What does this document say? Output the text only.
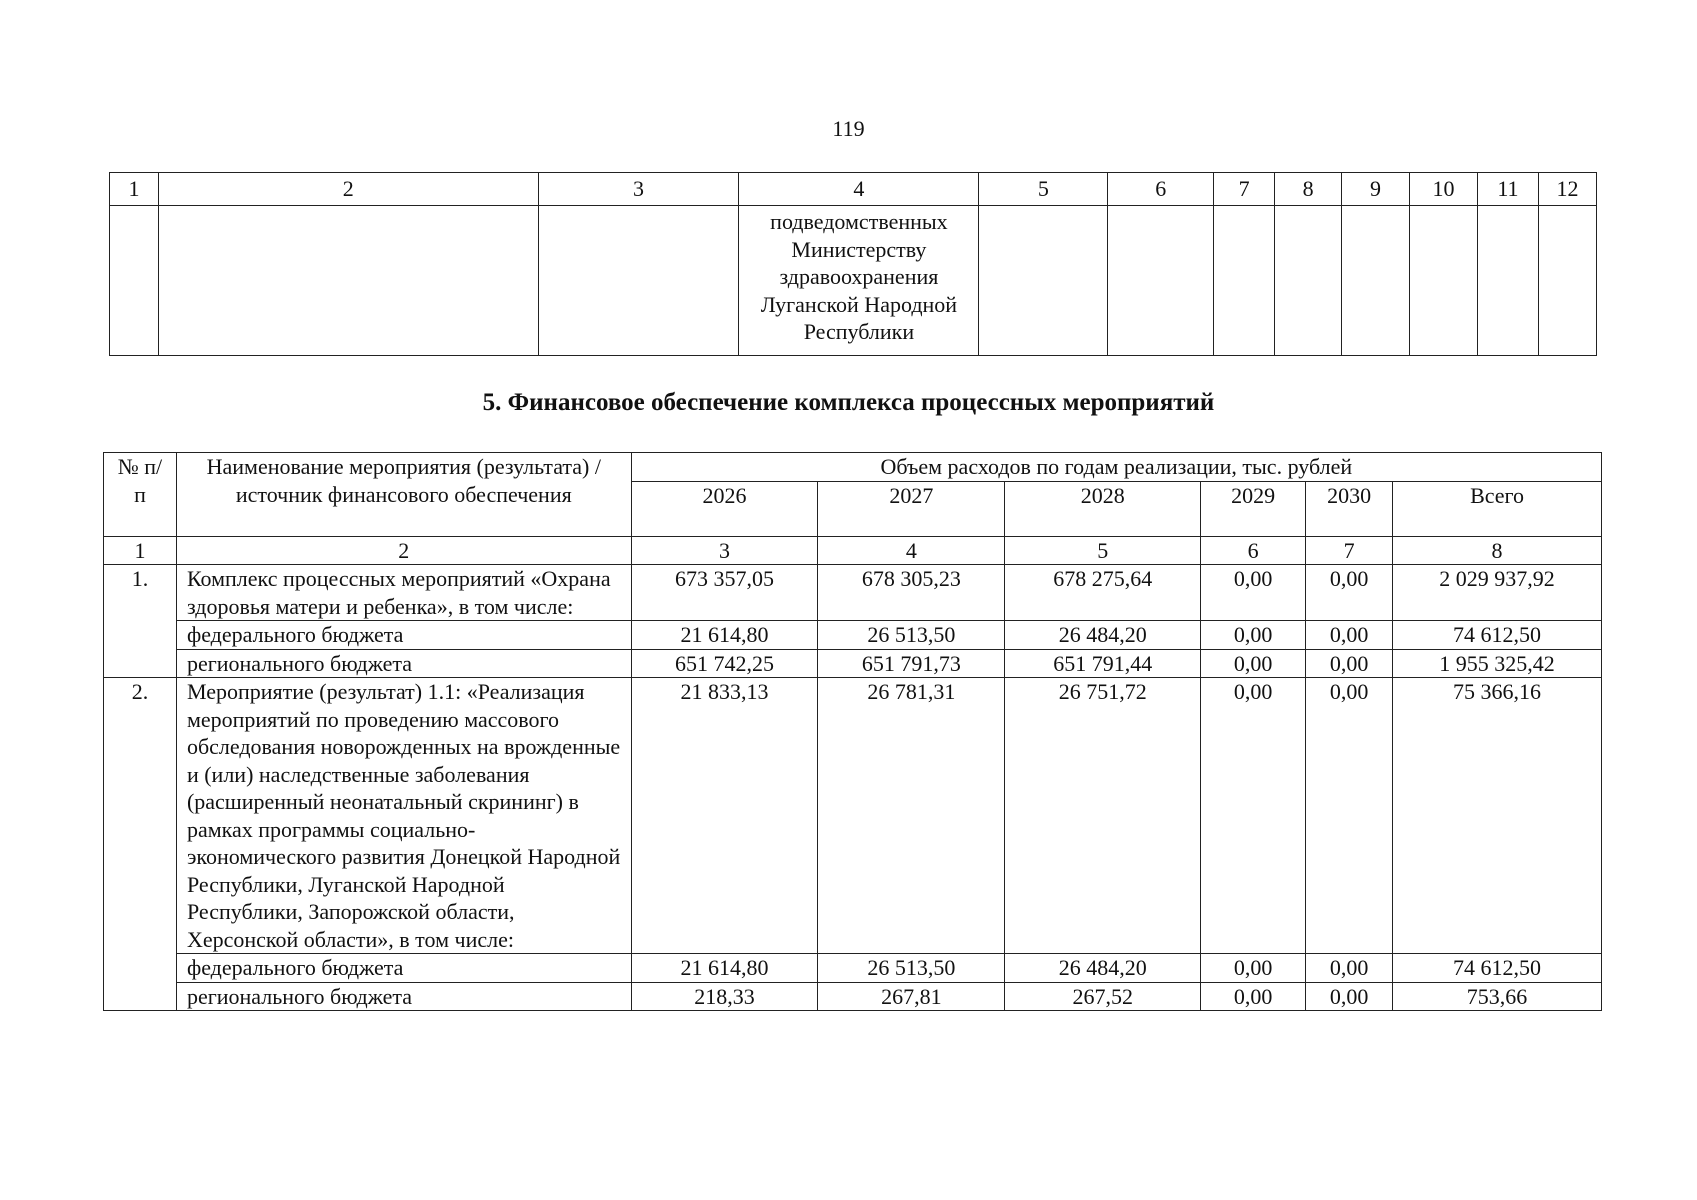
119
1	2	3	4	5	6	7	8	9	10	11	12
			подведомственных Министерству здравоохранения Луганской Народной Республики								
5. Финансовое обеспечение комплекса процессных мероприятий
№ п/п	Наименование мероприятия (результата) / источник финансового обеспечения	Объем расходов по годам реализации, тыс. рублей					
		2026	2027	2028	2029	2030	Всего
1	2	3	4	5	6	7	8
1.	Комплекс процессных мероприятий «Охрана здоровья матери и ребенка», в том числе:	673 357,05	678 305,23	678 275,64	0,00	0,00	2 029 937,92
	федерального бюджета	21 614,80	26 513,50	26 484,20	0,00	0,00	74 612,50
	регионального бюджета	651 742,25	651 791,73	651 791,44	0,00	0,00	1 955 325,42
2.	Мероприятие (результат) 1.1: «Реализация мероприятий по проведению массового обследования новорожденных на врожденные и (или) наследственные заболевания (расширенный неонатальный скрининг) в рамках программы социально-экономического развития Донецкой Народной Республики, Луганской Народной Республики, Запорожской области, Херсонской области», в том числе:	21 833,13	26 781,31	26 751,72	0,00	0,00	75 366,16
	федерального бюджета	21 614,80	26 513,50	26 484,20	0,00	0,00	74 612,50
	регионального бюджета	218,33	267,81	267,52	0,00	0,00	753,66
